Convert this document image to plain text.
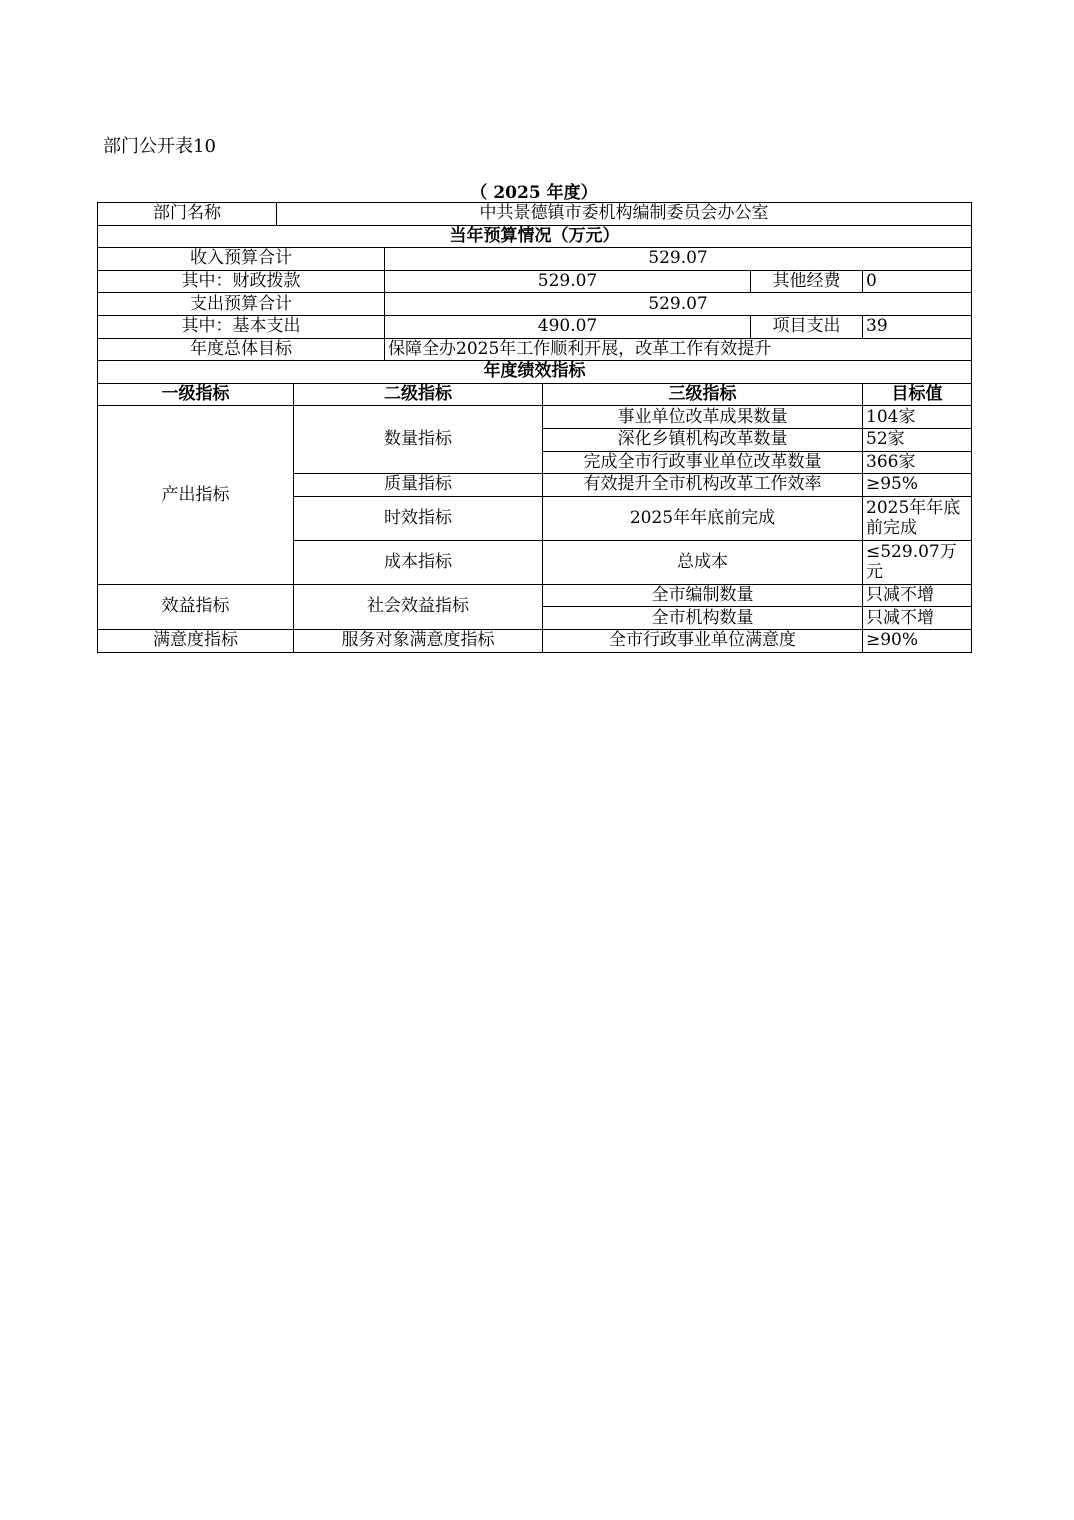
部门公开表10
（ 2025 年度）
部门名称	中共景德镇市委机构编制委员会办公室					
当年预算情况（万元）						
收入预算合计			529.07			
其中：财政拨款			529.07		其他经费	0
支出预算合计			529.07			
其中：基本支出			490.07		项目支出	39
年度总体目标			保障全办2025年工作顺利开展，改革工作有效提升			
年度绩效指标						
一级指标		二级指标		三级指标		目标值
产出指标		数量指标		事业单位改革成果数量		104家
				深化乡镇机构改革数量		52家
				完成全市行政事业单位改革数量		366家
		质量指标		有效提升全市机构改革工作效率		≥95%
		时效指标		2025年年底前完成		2025年年底前完成
		成本指标		总成本		≤529.07万元
效益指标		社会效益指标		全市编制数量		只减不增
				全市机构数量		只减不增
满意度指标		服务对象满意度指标		全市行政事业单位满意度		≥90%
